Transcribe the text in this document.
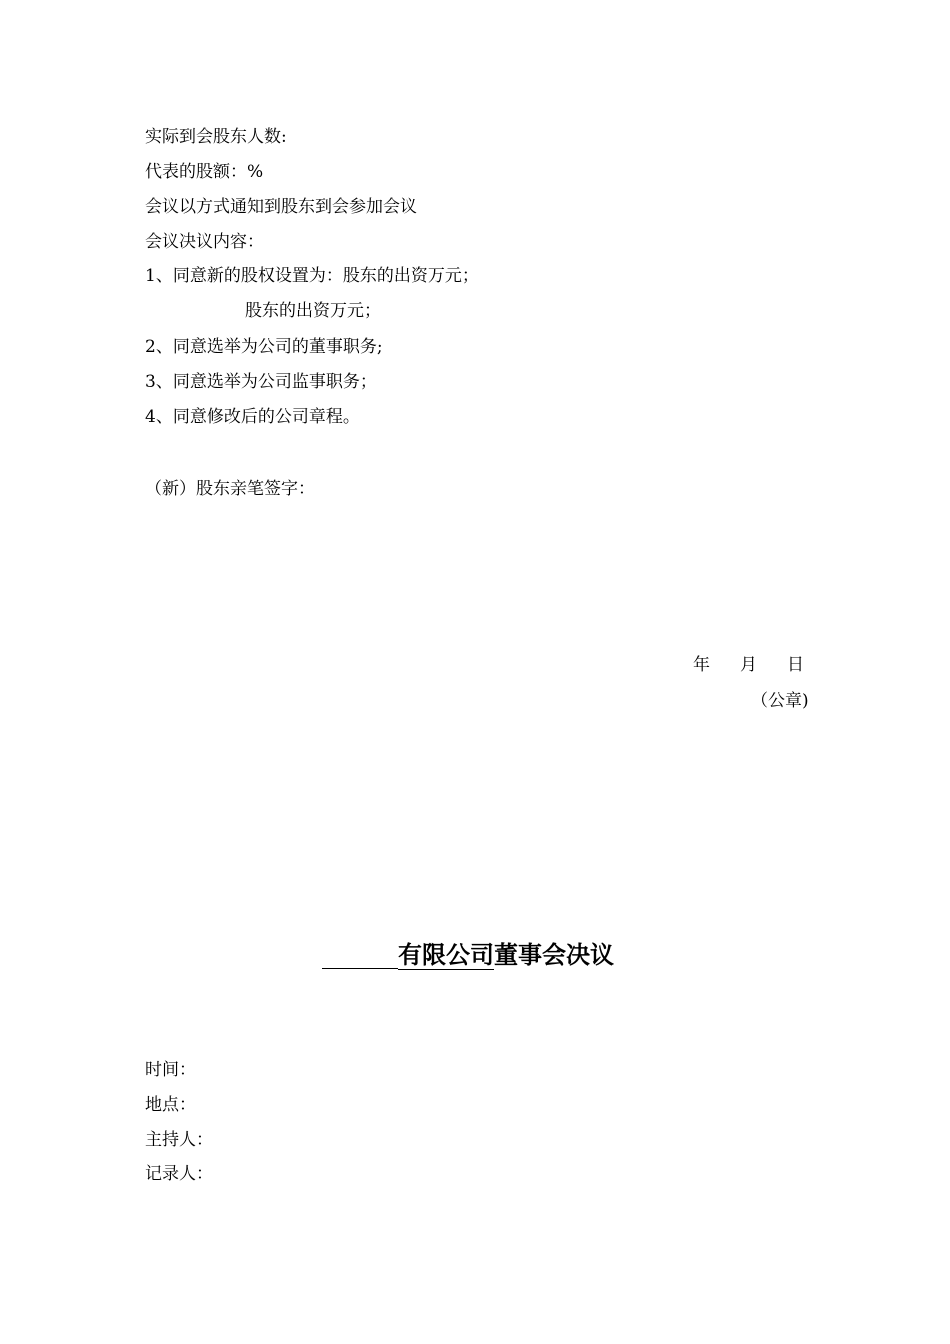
实际到会股东人数:
代表的股额：%
会议以方式通知到股东到会参加会议
会议决议内容：
1、同意新的股权设置为：股东的出资万元；
股东的出资万元；
2、同意选举为公司的董事职务;
3、同意选举为公司监事职务；
4、同意修改后的公司章程。
（新）股东亲笔签字：
年 月 日
（公章)
有限公司董事会决议
时间：
地点：
主持人：
记录人：
